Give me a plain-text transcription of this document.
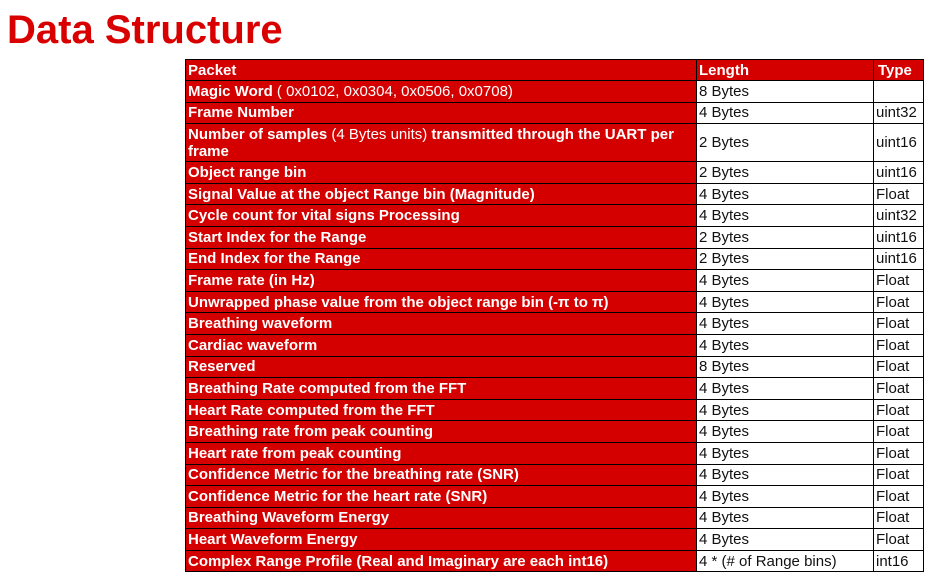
Data Structure
Packet	Length	Type
Magic Word ( 0x0102, 0x0304, 0x0506, 0x0708)	8 Bytes	
Frame Number	4 Bytes	uint32
Number of samples (4 Bytes units) transmitted through the UART per frame	2 Bytes	uint16
Object range bin	2 Bytes	uint16
Signal Value at the object Range bin (Magnitude)	4 Bytes	Float
Cycle count for vital signs Processing	4 Bytes	uint32
Start Index for the Range	2 Bytes	uint16
End Index for the Range	2 Bytes	uint16
Frame rate (in Hz)	4 Bytes	Float
Unwrapped phase value from the object range bin (-π to π)	4 Bytes	Float
Breathing waveform	4 Bytes	Float
Cardiac waveform	4 Bytes	Float
Reserved	8 Bytes	Float
Breathing Rate computed from the FFT	4 Bytes	Float
Heart Rate computed from the FFT	4 Bytes	Float
Breathing rate from peak counting	4 Bytes	Float
Heart rate from peak counting	4 Bytes	Float
Confidence Metric for the breathing rate (SNR)	4 Bytes	Float
Confidence Metric for the heart rate (SNR)	4 Bytes	Float
Breathing Waveform Energy	4 Bytes	Float
Heart Waveform Energy	4 Bytes	Float
Complex Range Profile (Real and Imaginary are each int16)	4 * (# of Range bins)	int16
